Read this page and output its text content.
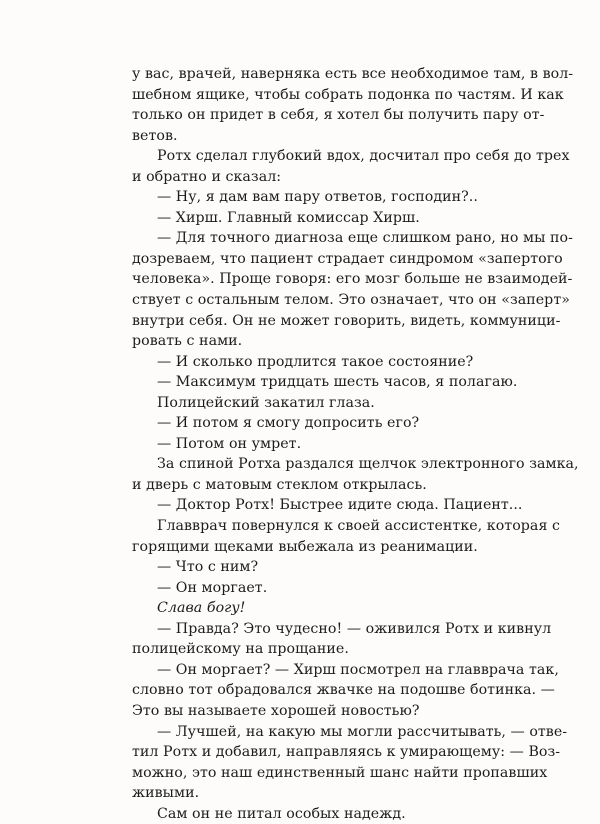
у вас, врачей, наверняка есть все необходимое там, в вол-
шебном ящике, чтобы собрать подонка по частям. И как
только он придет в себя, я хотел бы получить пару от-
ветов.
Ротх сделал глубокий вдох, досчитал про себя до трех
и обратно и сказал:
— Ну, я дам вам пару ответов, господин?..
— Хирш. Главный комиссар Хирш.
— Для точного диагноза еще слишком рано, но мы по-
дозреваем, что пациент страдает синдромом «запертого
человека». Проще говоря: его мозг больше не взаимодей-
ствует с остальным телом. Это означает, что он «заперт»
внутри себя. Он не может говорить, видеть, коммуници-
ровать с нами.
— И сколько продлится такое состояние?
— Максимум тридцать шесть часов, я полагаю.
Полицейский закатил глаза.
— И потом я смогу допросить его?
— Потом он умрет.
За спиной Ротха раздался щелчок электронного замка,
и дверь с матовым стеклом открылась.
— Доктор Ротх! Быстрее идите сюда. Пациент...
Главврач повернулся к своей ассистентке, которая с
горящими щеками выбежала из реанимации.
— Что с ним?
— Он моргает.
Слава богу!
— Правда? Это чудесно! — оживился Ротх и кивнул
полицейскому на прощание.
— Он моргает? — Хирш посмотрел на главврача так,
словно тот обрадовался жвачке на подошве ботинка. —
Это вы называете хорошей новостью?
— Лучшей, на какую мы могли рассчитывать, — отве-
тил Ротх и добавил, направляясь к умирающему: — Воз-
можно, это наш единственный шанс найти пропавших
живыми.
Сам он не питал особых надежд.
